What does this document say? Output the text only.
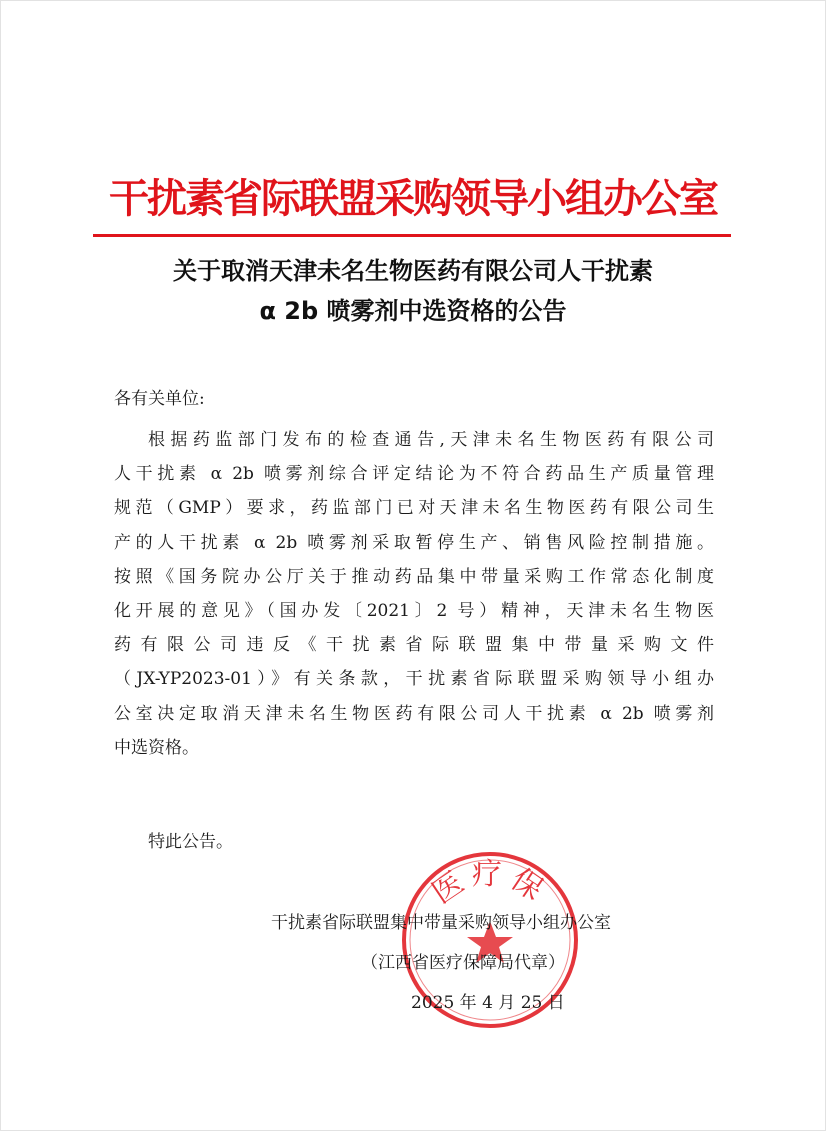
干扰素省际联盟采购领导小组办公室
关于取消天津未名生物医药有限公司人干扰素
α 2b 喷雾剂中选资格的公告
各有关单位:
根据药监部门发布的检查通告,天津未名生物医药有限公司
人干扰素 α 2b 喷雾剂综合评定结论为不符合药品生产质量管理
规范（GMP）要求，药监部门已对天津未名生物医药有限公司生
产的人干扰素 α 2b 喷雾剂采取暂停生产、销售风险控制措施。
按照《国务院办公厅关于推动药品集中带量采购工作常态化制度
化开展的意见》（国办发〔2021〕2 号）精神，天津未名生物医
药有限公司违反《干扰素省际联盟集中带量采购文件
（JX-YP2023-01）》有关条款，干扰素省际联盟采购领导小组办
公室决定取消天津未名生物医药有限公司人干扰素 α 2b 喷雾剂
中选资格。
特此公告。
医疗保
干扰素省际联盟集中带量采购领导小组办公室
（江西省医疗保障局代章）
2025 年 4 月 25 日
